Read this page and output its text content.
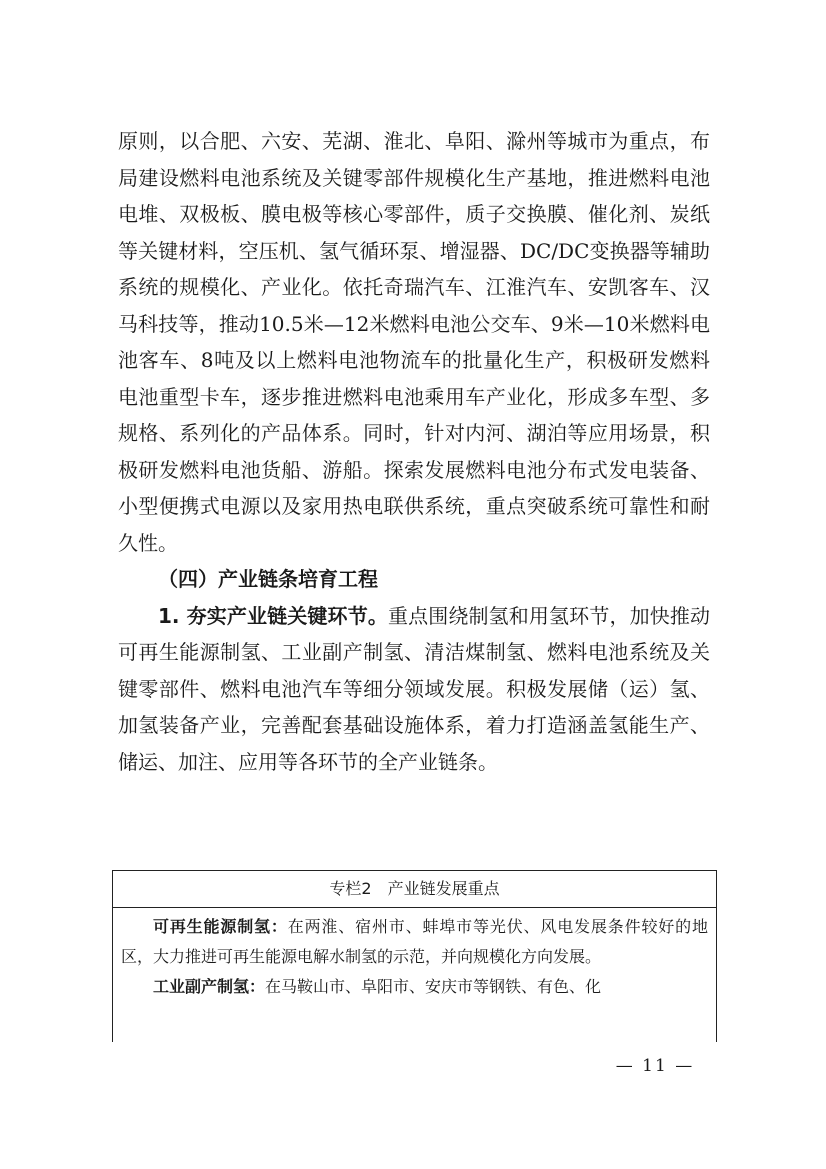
原则，以合肥、六安、芜湖、淮北、阜阳、滁州等城市为重点，布局建设燃料电池系统及关键零部件规模化生产基地，推进燃料电池电堆、双极板、膜电极等核心零部件，质子交换膜、催化剂、炭纸等关键材料，空压机、氢气循环泵、增湿器、DC/DC变换器等辅助系统的规模化、产业化。依托奇瑞汽车、江淮汽车、安凯客车、汉马科技等，推动10.5米—12米燃料电池公交车、9米—10米燃料电池客车、8吨及以上燃料电池物流车的批量化生产，积极研发燃料电池重型卡车，逐步推进燃料电池乘用车产业化，形成多车型、多规格、系列化的产品体系。同时，针对内河、湖泊等应用场景，积极研发燃料电池货船、游船。探索发展燃料电池分布式发电装备、小型便携式电源以及家用热电联供系统，重点突破系统可靠性和耐久性。

（四）产业链条培育工程

1. 夯实产业链关键环节。重点围绕制氢和用氢环节，加快推动可再生能源制氢、工业副产制氢、清洁煤制氢、燃料电池系统及关键零部件、燃料电池汽车等细分领域发展。积极发展储（运）氢、加氢装备产业，完善配套基础设施体系，着力打造涵盖氢能生产、储运、加注、应用等各环节的全产业链条。

专栏2　产业链发展重点

可再生能源制氢：在两淮、宿州市、蚌埠市等光伏、风电发展条件较好的地区，大力推进可再生能源电解水制氢的示范，并向规模化方向发展。

工业副产制氢：在马鞍山市、阜阳市、安庆市等钢铁、有色、化

— 11 —
